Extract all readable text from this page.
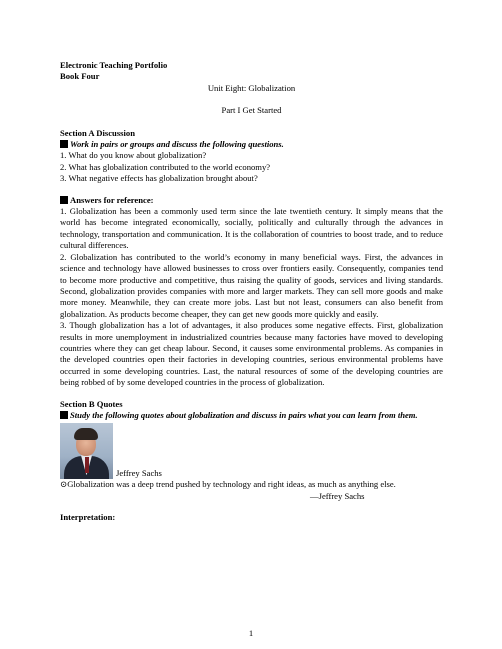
Electronic Teaching Portfolio

Book Four

Unit Eight: Globalization

Part I Get Started

Section A Discussion

Work in pairs or groups and discuss the following questions.

1. What do you know about globalization?

2. What has globalization contributed to the world economy?

3. What negative effects has globalization brought about?

Answers for reference:

1. Globalization has been a commonly used term since the late twentieth century. It simply means that the world has become integrated economically, socially, politically and culturally through the advances in technology, transportation and communication. It is the collaboration of countries to boost trade, and to reduce cultural differences.

2. Globalization has contributed to the world’s economy in many beneficial ways. First, the advances in science and technology have allowed businesses to cross over frontiers easily. Consequently, companies tend to become more productive and competitive, thus raising the quality of goods, services and living standards. Second, globalization provides companies with more and larger markets. They can sell more goods and make more money. Meanwhile, they can create more jobs. Last but not least, consumers can also benefit from globalization. As products become cheaper, they can get new goods more quickly and easily.

3. Though globalization has a lot of advantages, it also produces some negative effects. First, globalization results in more unemployment in industrialized countries because many factories have moved to developing countries where they can get cheap labour. Second, it causes some environmental problems. As companies in the developed countries open their factories in developing countries, serious environmental problems have occurred in some developing countries. Last, the natural resources of some of the developing countries are being robbed of by some developed countries in the process of globalization.

Section B Quotes

Study the following quotes about globalization and discuss in pairs what you can learn from them.

Jeffrey Sachs

⊙Globalization was a deep trend pushed by technology and right ideas, as much as anything else.

—Jeffrey Sachs

Interpretation:

1
